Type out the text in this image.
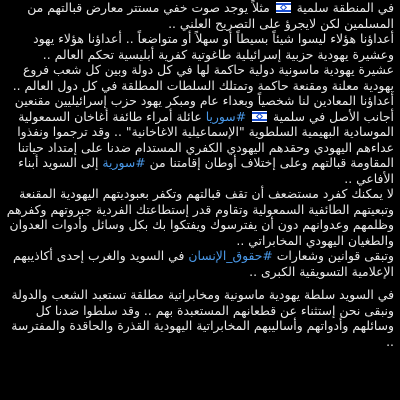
في المنطقة سلمية
مثلاً يوجد صوت خفي مستتر معارض قبالتهم من المسلمين لكن لايجرؤ على التصريح العلني ..

أعداؤنا هؤلاء ليسوا شيئاً بسيطاً أو سهلاً أو متواضعاً .. أعداؤنا هؤلاء يهود وعشيرة يهودية حزبية إسرائيلية طاغوتية كفرية أبليسية تحكم العالم ..

عشيرة يهودية ماسونية دولية حاكمة لها في كل دولة وبين كل شعب فروع يهودية معلنة ومقنعة حاكمة وتمتلك السلطات المطلقة في كل دول العالم ..

أعداؤنا المعادين لنا شخصياً وبعداء عام ومبكر يهود حزب إسرائيليين مقنعين أجانب الأصل في سلمية
#سوريا عائلة أمراء طائفة أغاخان السمعولية الموسادية البهيمية السلطوية "الإسماعيلية الاغاخانية" .. وقد ترجموا ونفذوا عداءهم اليهودي وحقدهم اليهودي الكفري المستدام ضدنا على إمتداد حياتنا المقاومة قبالتهم وعلى إختلاف أوطان إقامتنا من #سورية إلى السويد أبناء الأفاعي ..

لا يمكنك كفرد مستضعف أن تقف قبالتهم وتكفر بعبوديتهم اليهودية المقنعة وتبعيتهم الطائفية السمعولية وتقاوم قدر إستطاعتك الفردية جبروتهم وكفرهم وظلمهم وعدوانهم دون أن يفترسوك ويفتكوا بك بكل وسائل وأدوات العدوان والطغيان اليهودي المخابراتي ..

وتبقى قوانين وشعارات #حقوق_الإنسان في السويد والغرب إحدى أكاذيبهم الإعلامية التسويقية الكبرى ..

في السويد سلطة يهودية ماسونية ومخابراتية مطلقة تستعبد الشعب والدولة ونبقى نحن إستثناء عن قطعانهم المستعبدة بهم .. وقد سلطوا ضدنا كل وسائلهم وأدواتهم وأساليبهم المخابراتية اليهودية القذرة والحاقدة والمفترسة ..
